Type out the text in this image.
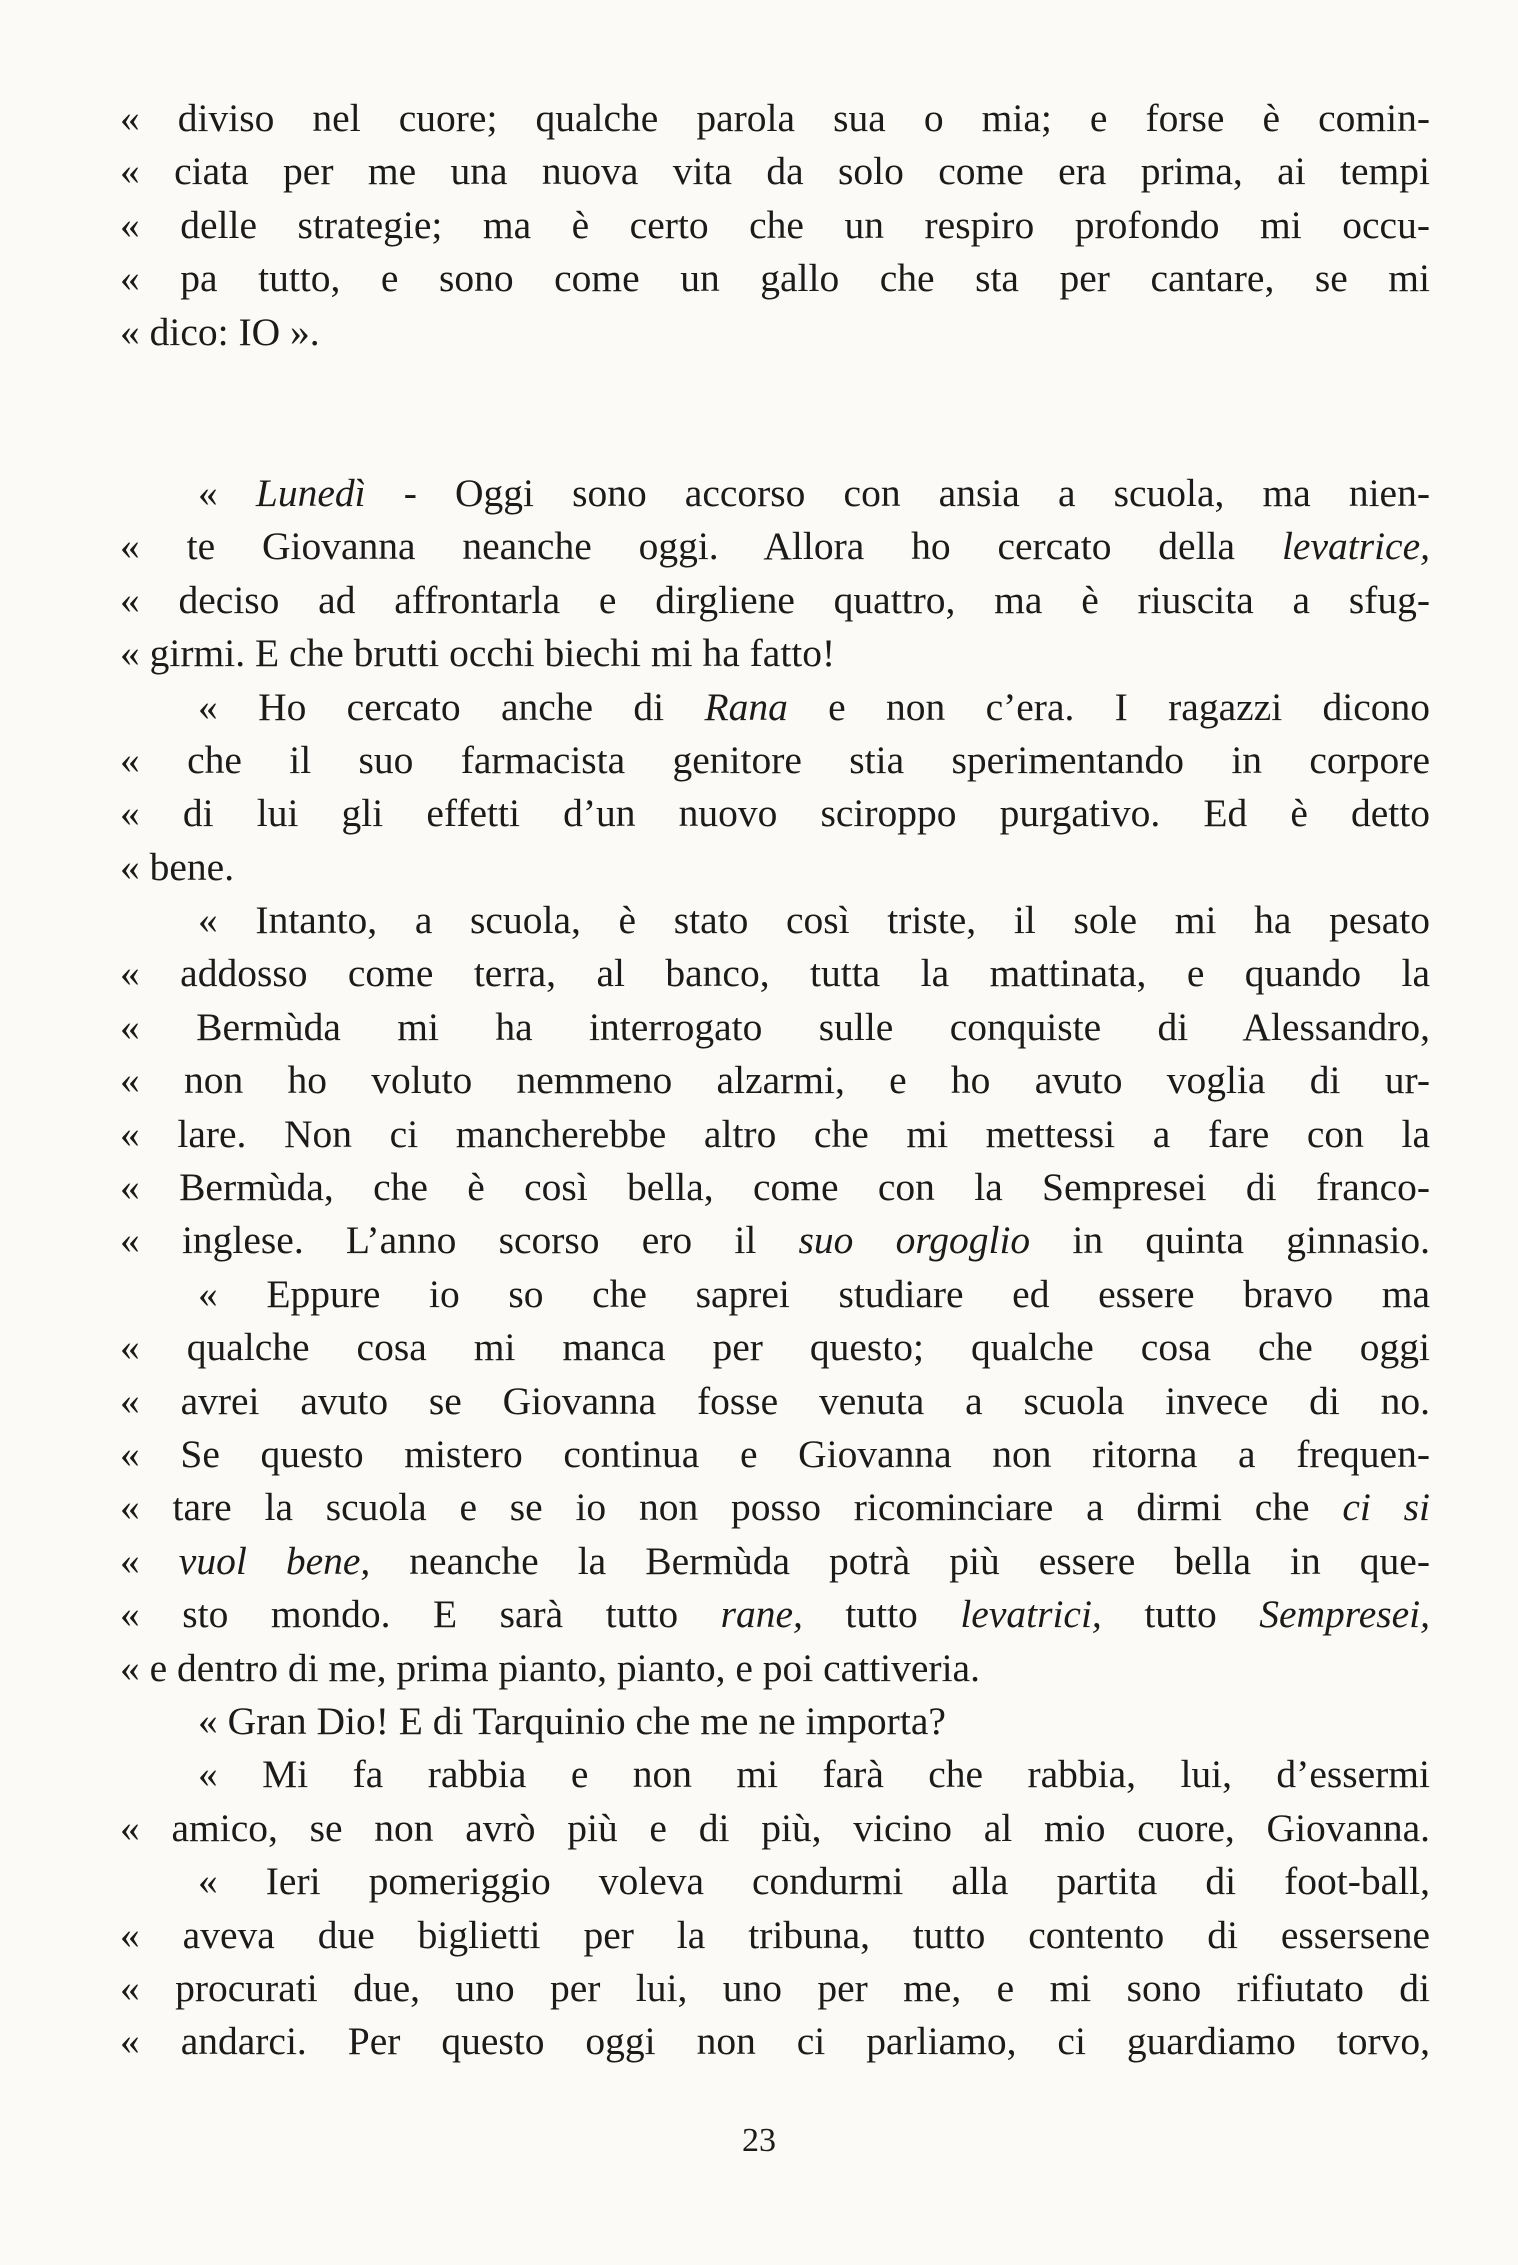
« diviso nel cuore; qualche parola sua o mia; e forse è comin-
« ciata per me una nuova vita da solo come era prima, ai tempi
« delle strategie; ma è certo che un respiro profondo mi occu-
« pa tutto, e sono come un gallo che sta per cantare, se mi
« dico: IO ».
« Lunedì - Oggi sono accorso con ansia a scuola, ma nien-
« te Giovanna neanche oggi. Allora ho cercato della levatrice,
« deciso ad affrontarla e dirgliene quattro, ma è riuscita a sfug-
« girmi. E che brutti occhi biechi mi ha fatto!
« Ho cercato anche di Rana e non c’era. I ragazzi dicono
« che il suo farmacista genitore stia sperimentando in corpore
« di lui gli effetti d’un nuovo sciroppo purgativo. Ed è detto
« bene.
« Intanto, a scuola, è stato così triste, il sole mi ha pesato
« addosso come terra, al banco, tutta la mattinata, e quando la
« Bermùda mi ha interrogato sulle conquiste di Alessandro,
« non ho voluto nemmeno alzarmi, e ho avuto voglia di ur-
« lare. Non ci mancherebbe altro che mi mettessi a fare con la
« Bermùda, che è così bella, come con la Sempresei di franco-
« inglese. L’anno scorso ero il suo orgoglio in quinta ginnasio.
« Eppure io so che saprei studiare ed essere bravo ma
« qualche cosa mi manca per questo; qualche cosa che oggi
« avrei avuto se Giovanna fosse venuta a scuola invece di no.
« Se questo mistero continua e Giovanna non ritorna a frequen-
« tare la scuola e se io non posso ricominciare a dirmi che ci si
« vuol bene, neanche la Bermùda potrà più essere bella in que-
« sto mondo. E sarà tutto rane, tutto levatrici, tutto Sempresei,
« e dentro di me, prima pianto, pianto, e poi cattiveria.
« Gran Dio! E di Tarquinio che me ne importa?
« Mi fa rabbia e non mi farà che rabbia, lui, d’essermi
« amico, se non avrò più e di più, vicino al mio cuore, Giovanna.
« Ieri pomeriggio voleva condurmi alla partita di foot-ball,
« aveva due biglietti per la tribuna, tutto contento di essersene
« procurati due, uno per lui, uno per me, e mi sono rifiutato di
« andarci. Per questo oggi non ci parliamo, ci guardiamo torvo,
23
